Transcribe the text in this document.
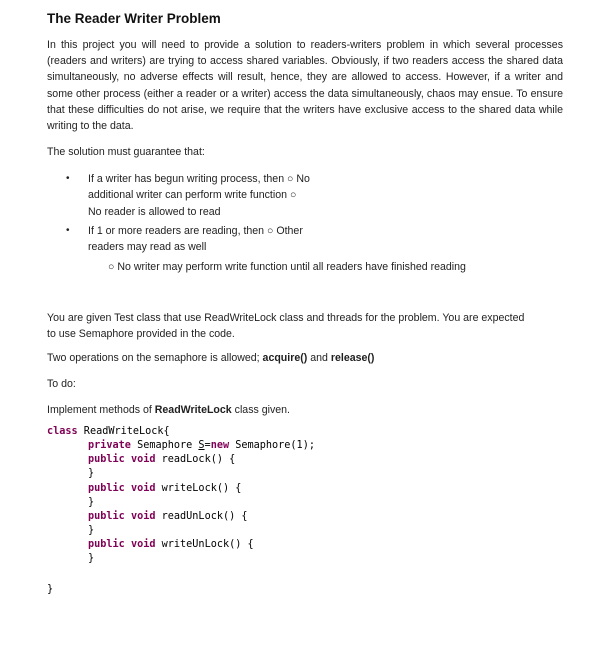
The Reader Writer Problem
In this project you will need to provide a solution to readers-writers problem in which several processes (readers and writers) are trying to access shared variables. Obviously, if two readers access the shared data simultaneously, no adverse effects will result, hence, they are allowed to access. However, if a writer and some other process (either a reader or a writer) access the data simultaneously, chaos may ensue. To ensure that these difficulties do not arise, we require that the writers have exclusive access to the shared data while writing to the data.
The solution must guarantee that:
• If a writer has begun writing process, then ○ No
additional writer can perform write function ○
No reader is allowed to read
• If 1 or more readers are reading, then ○ Other
readers may read as well
○ No writer may perform write function until all readers have finished reading
You are given Test class that use ReadWriteLock class and threads for the problem. You are expected
to use Semaphore provided in the code.
Two operations on the semaphore is allowed; acquire() and release()
To do:
Implement methods of ReadWriteLock class given.
class ReadWriteLock{
private Semaphore S=new Semaphore(1);
public void readLock() {
}
public void writeLock() {
}
public void readUnLock() {
}
public void writeUnLock() {
}
}
